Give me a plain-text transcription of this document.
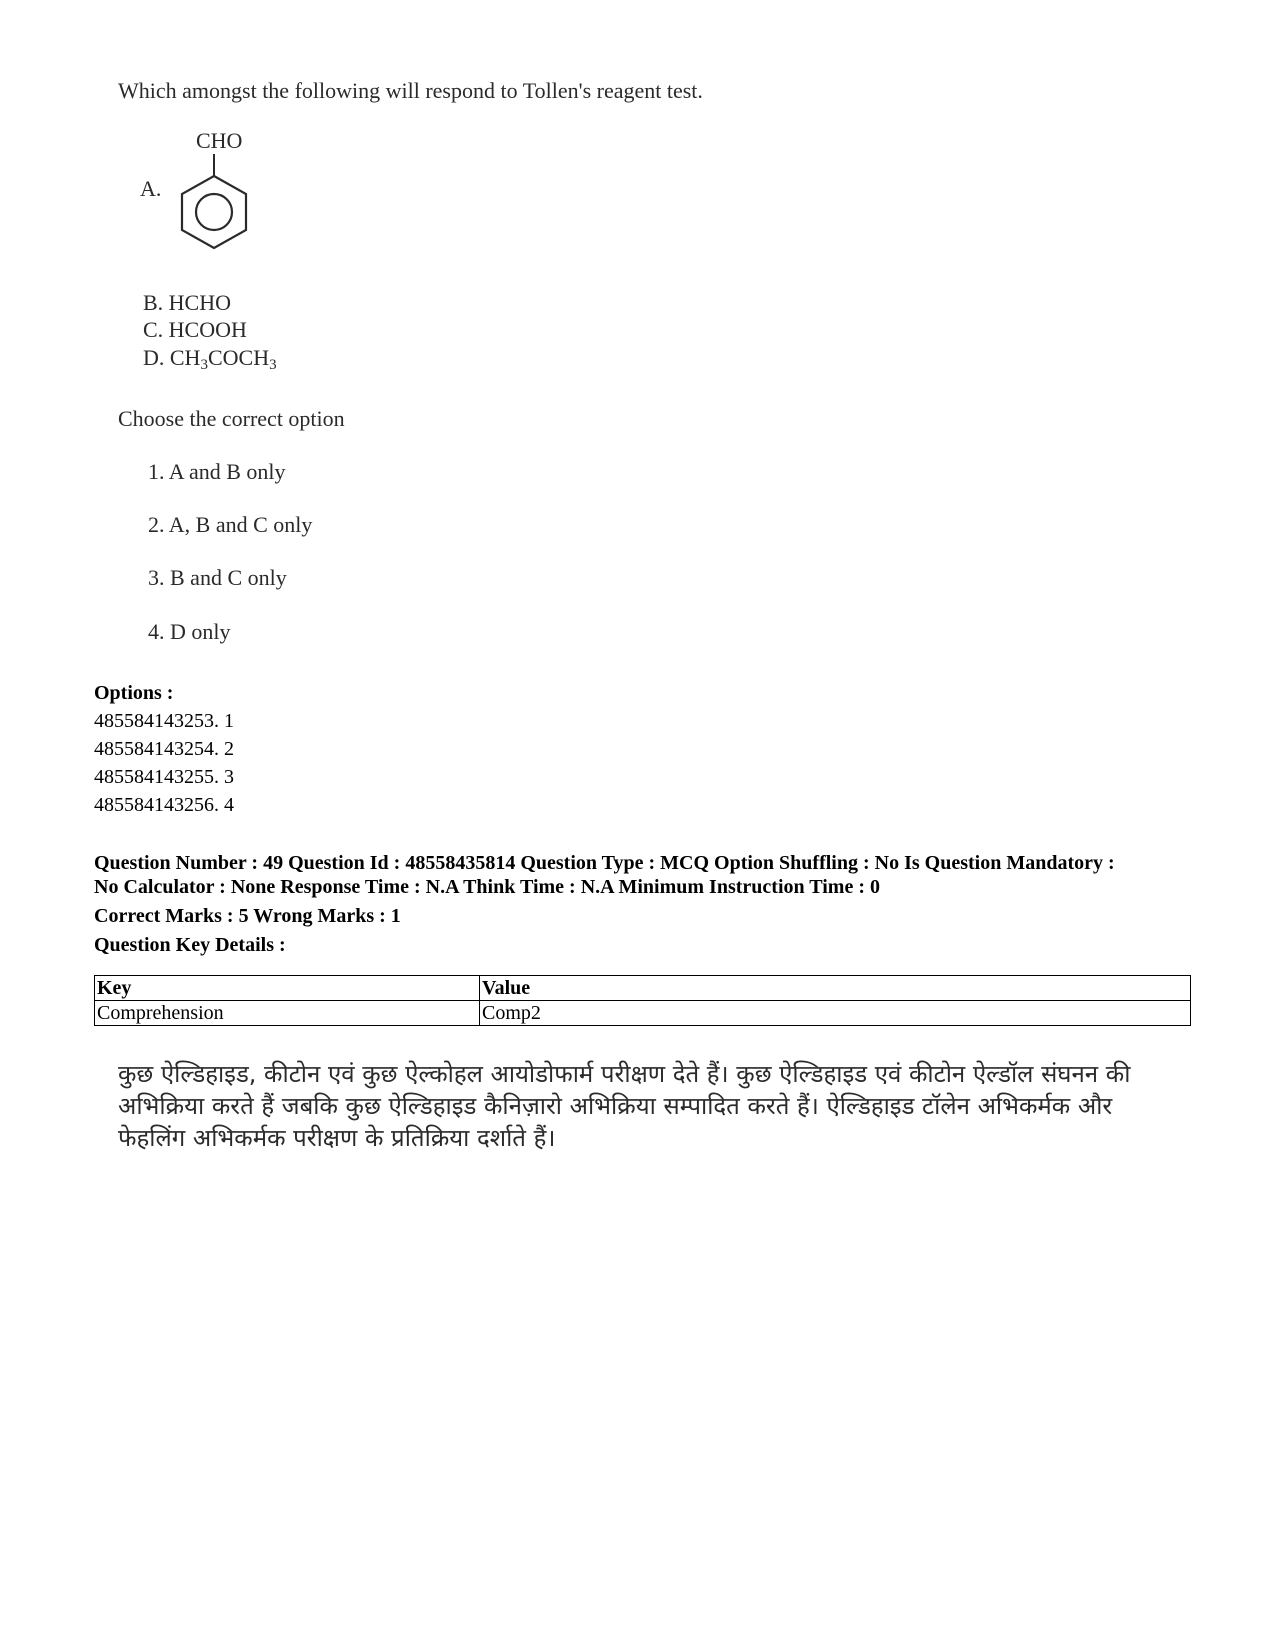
Which amongst the following will respond to Tollen's reagent test.
A.
CHO
B. HCHO
C. HCOOH
D. $CH_3COCH_3$
Choose the correct option
1. A and B only
2. A, B and C only
3. B and C only
4. D only
Options :
485584143253. 1
485584143254. 2
485584143255. 3
485584143256. 4
Question Number : 49 Question Id : 48558435814 Question Type : MCQ Option Shuffling : No Is Question Mandatory :
No Calculator : None Response Time : N.A Think Time : N.A Minimum Instruction Time : 0
Correct Marks : 5 Wrong Marks : 1
Question Key Details :
Key	Value
Comprehension	Comp2
कुछ ऐल्डिहाइड, कीटोन एवं कुछ ऐल्कोहल आयोडोफार्म परीक्षण देते हैं। कुछ ऐल्डिहाइड एवं कीटोन ऐल्डॉल संघनन की अभिक्रिया करते हैं जबकि कुछ ऐल्डिहाइड कैनिज़ारो अभिक्रिया सम्पादित करते हैं। ऐल्डिहाइड टॉलेन अभिकर्मक और फेहलिंग अभिकर्मक परीक्षण के प्रतिक्रिया दर्शाते हैं।
